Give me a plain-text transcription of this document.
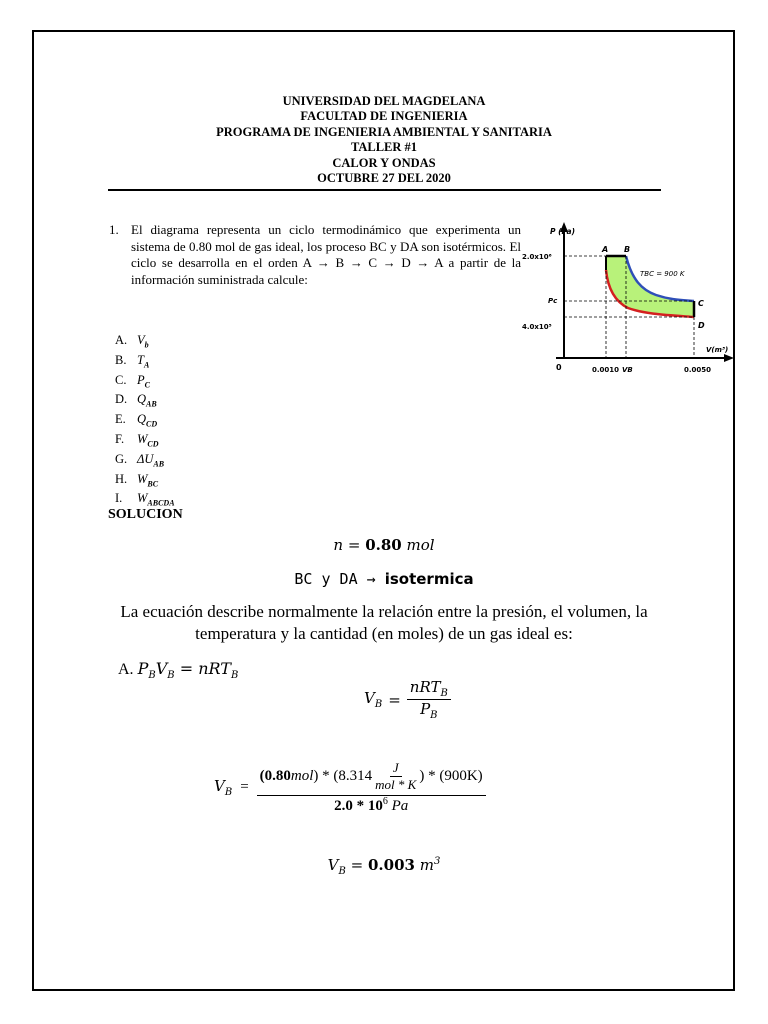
UNIVERSIDAD DEL MAGDELANA
FACULTAD DE INGENIERIA
PROGRAMA DE INGENIERIA AMBIENTAL Y SANITARIA
TALLER #1
CALOR Y ONDAS
OCTUBRE 27 DEL 2020
1. El diagrama representa un ciclo termodinámico que experimenta un sistema de 0.80 mol de gas ideal, los proceso BC y DA son isotérmicos. El ciclo se desarrolla en el orden A → B → C → D → A a partir de la información suministrada calcule:
A. $V_b$
B. $T_A$
C. $P_C$
D. $Q_{AB}$
E. $Q_{CD}$
F.	$W_{CD}$
G. $\Delta U_{AB}$
H. $W_{BC}$
I.	$W_{ABCDA}$
P (Pa)
V(m³)
2.0x10⁶
Pc
4.0x10⁵
0	0.0010 VB	0.0050
A B
C
D
TBC = 900 K
SOLUCION
n = 0.80 mol
BC y DA → isotermica
La ecuación describe normalmente la relación entre la presión, el volumen, la temperatura y la cantidad (en moles) de un gas ideal es:
A. $P_BV_B = nRT_B$
$V_B = \frac{nRT_B}{P_B}$
$V_B$ =
(0.80 mol ) * ($8.314 \frac{J}{\text{mol * K}}$ ) * (900K)
$2.0 * 10^6$ Pa
$V_B = 0.003$ $m^3$
